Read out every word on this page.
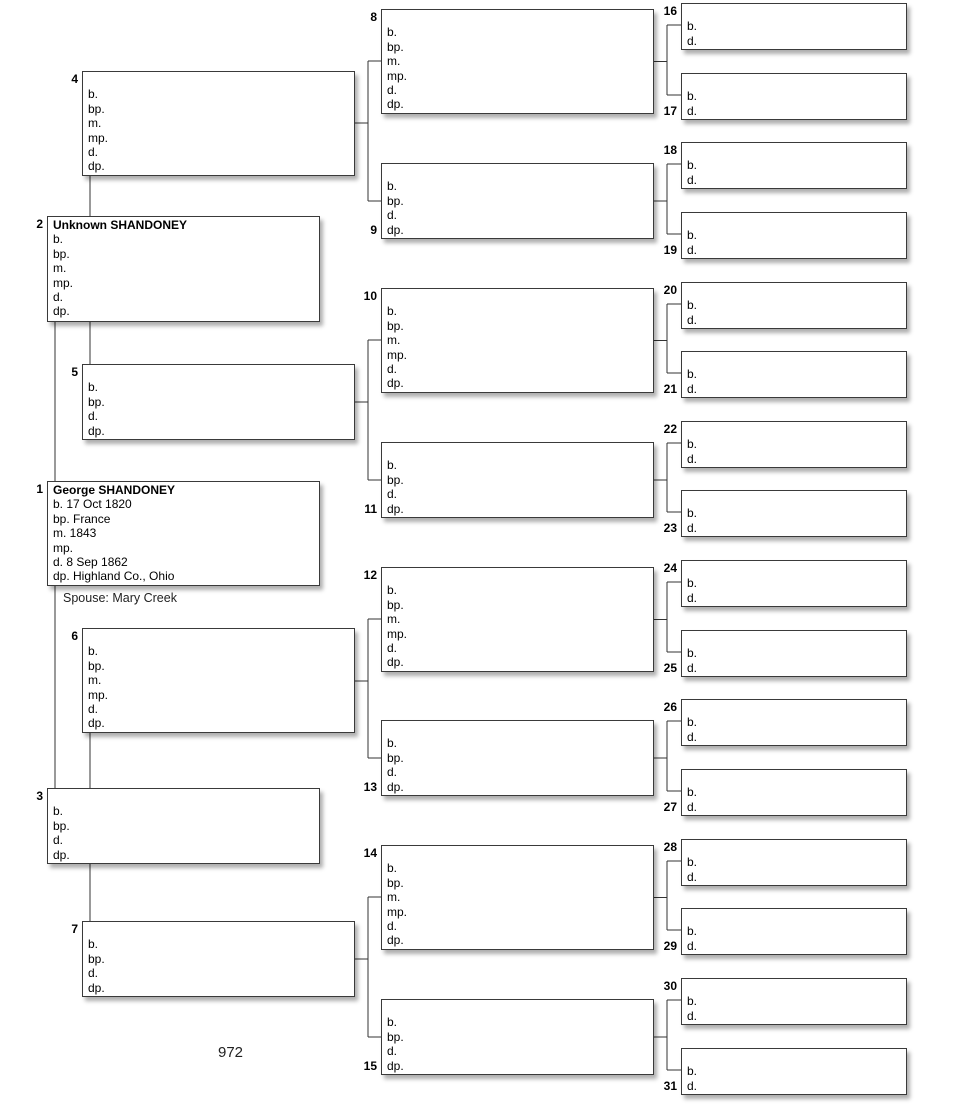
George SHANDONEY
b. 17 Oct 1820
bp. France
m. 1843
mp.
d. 8 Sep 1862
dp. Highland Co., Ohio
1
Unknown SHANDONEY
b.
bp.
m.
mp.
d.
dp.
2

b.
bp.
d.
dp.
3

b.
bp.
m.
mp.
d.
dp.
4

b.
bp.
d.
dp.
5

b.
bp.
m.
mp.
d.
dp.
6

b.
bp.
d.
dp.
7

b.
bp.
m.
mp.
d.
dp.
8

b.
bp.
d.
dp.
9

b.
bp.
m.
mp.
d.
dp.
10

b.
bp.
d.
dp.
11

b.
bp.
m.
mp.
d.
dp.
12

b.
bp.
d.
dp.
13

b.
bp.
m.
mp.
d.
dp.
14

b.
bp.
d.
dp.
15

b.
d.
16

b.
d.
17

b.
d.
18

b.
d.
19

b.
d.
20

b.
d.
21

b.
d.
22

b.
d.
23

b.
d.
24

b.
d.
25

b.
d.
26

b.
d.
27

b.
d.
28

b.
d.
29

b.
d.
30

b.
d.
31
Spouse: Mary Creek
972
